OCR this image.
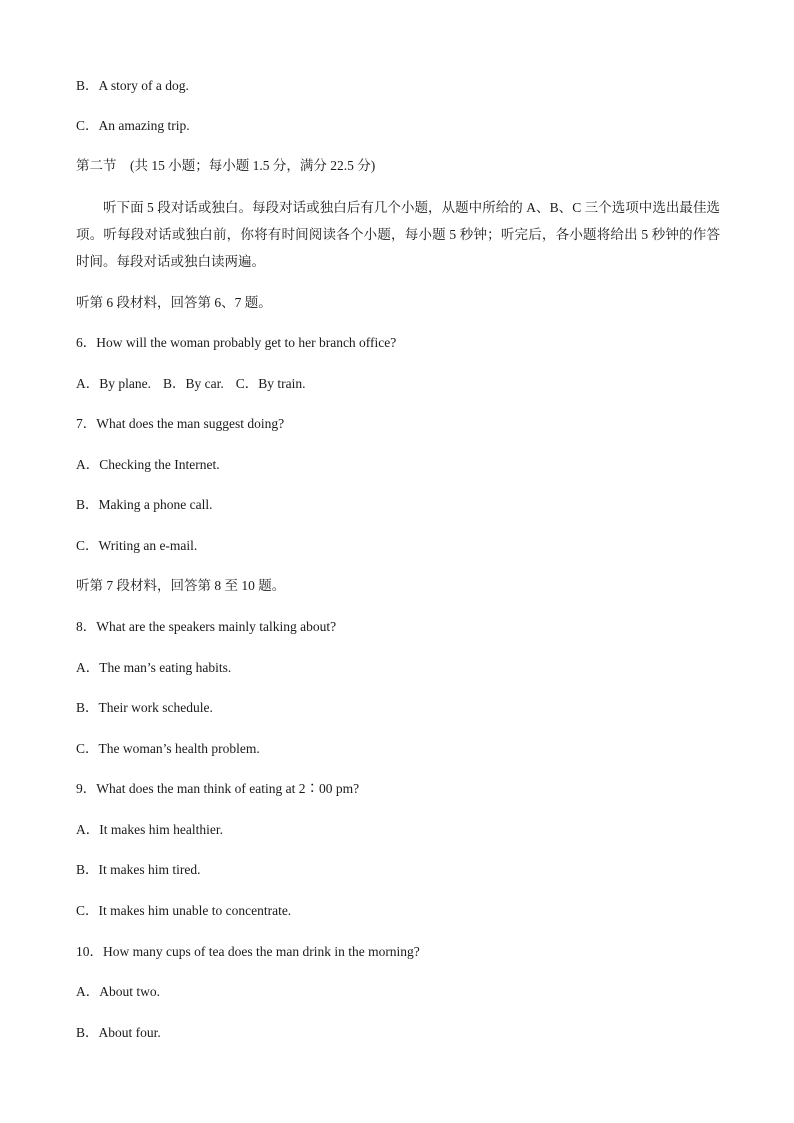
B．A story of a dog.
C．An amazing trip.
第二节　(共 15 小题；每小题 1.5 分，满分 22.5 分)
听下面 5 段对话或独白。每段对话或独白后有几个小题，从题中所给的 A、B、C 三个选项中选出最佳选项。听每段对话或独白前，你将有时间阅读各个小题，每小题 5 秒钟；听完后，各小题将给出 5 秒钟的作答时间。每段对话或独白读两遍。
听第 6 段材料，回答第 6、7 题。
6．How will the woman probably get to her branch office?
A．By plane. B．By car. C．By train.
7．What does the man suggest doing?
A．Checking the Internet.
B．Making a phone call.
C．Writing an e-mail.
听第 7 段材料，回答第 8 至 10 题。
8．What are the speakers mainly talking about?
A．The man’s eating habits.
B．Their work schedule.
C．The woman’s health problem.
9．What does the man think of eating at 2∶00 pm?
A．It makes him healthier.
B．It makes him tired.
C．It makes him unable to concentrate.
10．How many cups of tea does the man drink in the morning?
A．About two.
B．About four.
